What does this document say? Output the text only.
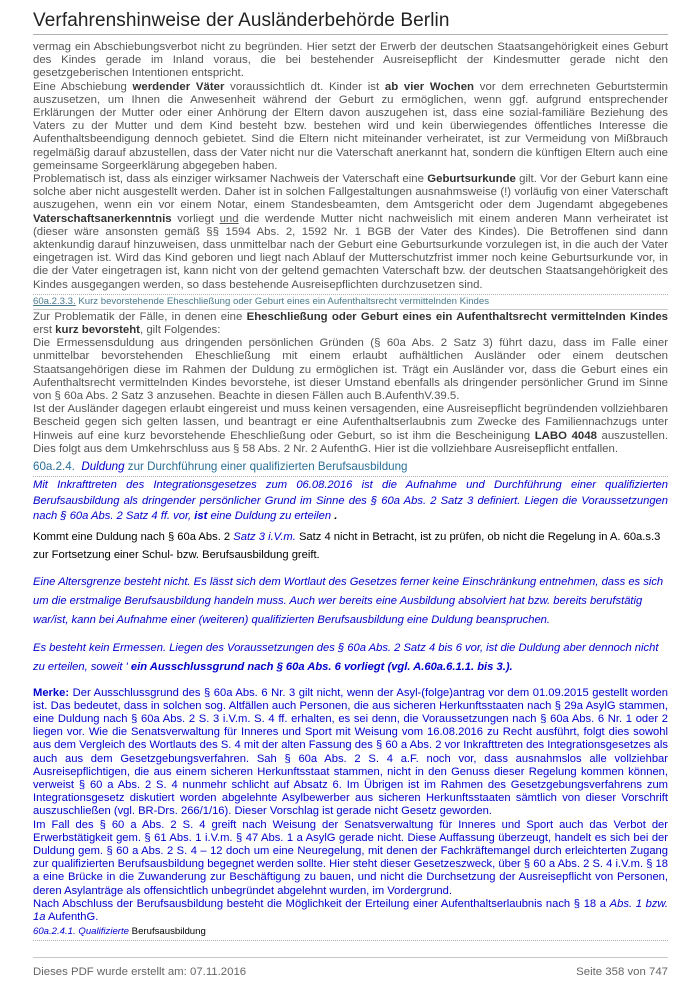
Verfahrenshinweise der Ausländerbehörde Berlin

vermag ein Abschiebungsverbot nicht zu begründen. Hier setzt der Erwerb der deutschen Staatsangehörigkeit eines Geburt des Kindes gerade im Inland voraus, die bei bestehender Ausreisepflicht der Kindesmutter gerade nicht den gesetzgeberischen Intentionen entspricht.

Eine Abschiebung werdender Väter voraussichtlich dt. Kinder ist ab vier Wochen vor dem errechneten Geburtstermin auszusetzen, um Ihnen die Anwesenheit während der Geburt zu ermöglichen, wenn ggf. aufgrund entsprechender Erklärungen der Mutter oder einer Anhörung der Eltern davon auszugehen ist, dass eine sozial-familiäre Beziehung des Vaters zu der Mutter und dem Kind besteht bzw. bestehen wird und kein überwiegendes öffentliches Interesse die Aufenthaltsbeendigung dennoch gebietet. Sind die Eltern nicht miteinander verheiratet, ist zur Vermeidung von Mißbrauch regelmäßig darauf abzustellen, dass der Vater nicht nur die Vaterschaft anerkannt hat, sondern die künftigen Eltern auch eine gemeinsame Sorgeerklärung abgegeben haben.

Problematisch ist, dass als einziger wirksamer Nachweis der Vaterschaft eine Geburtsurkunde gilt. Vor der Geburt kann eine solche aber nicht ausgestellt werden. Daher ist in solchen Fallgestaltungen ausnahmsweise (!) vorläufig von einer Vaterschaft auszugehen, wenn ein vor einem Notar, einem Standesbeamten, dem Amtsgericht oder dem Jugendamt abgegebenes Vaterschaftsanerkenntnis vorliegt und die werdende Mutter nicht nachweislich mit einem anderen Mann verheiratet ist (dieser wäre ansonsten gemäß §§ 1594 Abs. 2, 1592 Nr. 1 BGB der Vater des Kindes). Die Betroffenen sind dann aktenkundig darauf hinzuweisen, dass unmittelbar nach der Geburt eine Geburtsurkunde vorzulegen ist, in die auch der Vater eingetragen ist. Wird das Kind geboren und liegt nach Ablauf der Mutterschutzfrist immer noch keine Geburtsurkunde vor, in die der Vater eingetragen ist, kann nicht von der geltend gemachten Vaterschaft bzw. der deutschen Staatsangehörigkeit des Kindes ausgegangen werden, so dass bestehende Ausreisepflichten durchzusetzen sind.

60a.2.3.3. Kurz bevorstehende Eheschließung oder Geburt eines ein Aufenthaltsrecht vermittelnden Kindes

Zur Problematik der Fälle, in denen eine Eheschließung oder Geburt eines ein Aufenthaltsrecht vermittelnden Kindes erst kurz bevorsteht, gilt Folgendes:

Die Ermessensduldung aus dringenden persönlichen Gründen (§ 60a Abs. 2 Satz 3) führt dazu, dass im Falle einer unmittelbar bevorstehenden Eheschließung mit einem erlaubt aufhältlichen Ausländer oder einem deutschen Staatsangehörigen diese im Rahmen der Duldung zu ermöglichen ist. Trägt ein Ausländer vor, dass die Geburt eines ein Aufenthaltsrecht vermittelnden Kindes bevorstehe, ist dieser Umstand ebenfalls als dringender persönlicher Grund im Sinne von § 60a Abs. 2 Satz 3 anzusehen. Beachte in diesen Fällen auch B.AufenthV.39.5.

Ist der Ausländer dagegen erlaubt eingereist und muss keinen versagenden, eine Ausreisepflicht begründenden vollziehbaren Bescheid gegen sich gelten lassen, und beantragt er eine Aufenthaltserlaubnis zum Zwecke des Familiennachzugs unter Hinweis auf eine kurz bevorstehende Eheschließung oder Geburt, so ist ihm die Bescheinigung LABO 4048 auszustellen. Dies folgt aus dem Umkehrschluss aus § 58 Abs. 2 Nr. 2 AufenthG. Hier ist die vollziehbare Ausreisepflicht entfallen.

60a.2.4. Duldung zur Durchführung einer qualifizierten Berufsausbildung

Mit Inkrafttreten des Integrationsgesetzes zum 06.08.2016 ist die Aufnahme und Durchführung einer qualifizierten Berufsausbildung als dringender persönlicher Grund im Sinne des § 60a Abs. 2 Satz 3 definiert. Liegen die Voraussetzungen nach § 60a Abs. 2 Satz 4 ff. vor, ist eine Duldung zu erteilen .

Kommt eine Duldung nach § 60a Abs. 2 Satz 3 i.V.m. Satz 4 nicht in Betracht, ist zu prüfen, ob nicht die Regelung in A. 60a.s.3 zur Fortsetzung einer Schul- bzw. Berufsausbildung greift.

Eine Altersgrenze besteht nicht. Es lässt sich dem Wortlaut des Gesetzes ferner keine Einschränkung entnehmen, dass es sich um die erstmalige Berufsausbildung handeln muss. Auch wer bereits eine Ausbildung absolviert hat bzw. bereits berufstätig war/ist, kann bei Aufnahme einer (weiteren) qualifizierten Berufsausbildung eine Duldung beanspruchen.

Es besteht kein Ermessen. Liegen des Voraussetzungen des § 60a Abs. 2 Satz 4 bis 6 vor, ist die Duldung aber dennoch nicht zu erteilen, soweit ' ein Ausschlussgrund nach § 60a Abs. 6 vorliegt (vgl. A.60a.6.1.1. bis 3.).

Merke: Der Ausschlussgrund des § 60a Abs. 6 Nr. 3 gilt nicht, wenn der Asyl-(folge)antrag vor dem 01.09.2015 gestellt worden ist. Das bedeutet, dass in solchen sog. Altfällen auch Personen, die aus sicheren Herkunftsstaaten nach § 29a AsylG stammen, eine Duldung nach § 60a Abs. 2 S. 3 i.V.m. S. 4 ff. erhalten, es sei denn, die Voraussetzungen nach § 60a Abs. 6 Nr. 1 oder 2 liegen vor. Wie die Senatsverwaltung für Inneres und Sport mit Weisung vom 16.08.2016 zu Recht ausführt, folgt dies sowohl aus dem Vergleich des Wortlauts des S. 4 mit der alten Fassung des § 60 a Abs. 2 vor Inkrafttreten des Integrationsgesetzes als auch aus dem Gesetzgebungsverfahren. Sah § 60a Abs. 2 S. 4 a.F. noch vor, dass ausnahmslos alle vollziehbar Ausreisepflichtigen, die aus einem sicheren Herkunftsstaat stammen, nicht in den Genuss dieser Regelung kommen können, verweist § 60 a Abs. 2 S. 4 nunmehr schlicht auf Absatz 6. Im Übrigen ist im Rahmen des Gesetzgebungsverfahrens zum Integrationsgesetz diskutiert worden abgelehnte Asylbewerber aus sicheren Herkunftsstaaten sämtlich von dieser Vorschrift auszuschließen (vgl. BR-Drs. 266/1/16). Dieser Vorschlag ist gerade nicht Gesetz geworden.

Im Fall des § 60 a Abs. 2 S. 4 greift nach Weisung der Senatsverwaltung für Inneres und Sport auch das Verbot der Erwerbstätigkeit gem. § 61 Abs. 1 i.V.m. § 47 Abs. 1 a AsylG gerade nicht. Diese Auffassung überzeugt, handelt es sich bei der Duldung gem. § 60 a Abs. 2 S. 4 – 12 doch um eine Neuregelung, mit denen der Fachkräftemangel durch erleichterten Zugang zur qualifizierten Berufsausbildung begegnet werden sollte. Hier steht dieser Gesetzeszweck, über § 60 a Abs. 2 S. 4 i.V.m. § 18 a eine Brücke in die Zuwanderung zur Beschäftigung zu bauen, und nicht die Durchsetzung der Ausreisepflicht von Personen, deren Asylanträge als offensichtlich unbegründet abgelehnt wurden, im Vordergrund.

Nach Abschluss der Berufsausbildung besteht die Möglichkeit der Erteilung einer Aufenthaltserlaubnis nach § 18 a Abs. 1 bzw. 1a AufenthG.

60a.2.4.1. Qualifizierte Berufsausbildung

Dieses PDF wurde erstellt am: 07.11.2016	Seite 358 von 747
